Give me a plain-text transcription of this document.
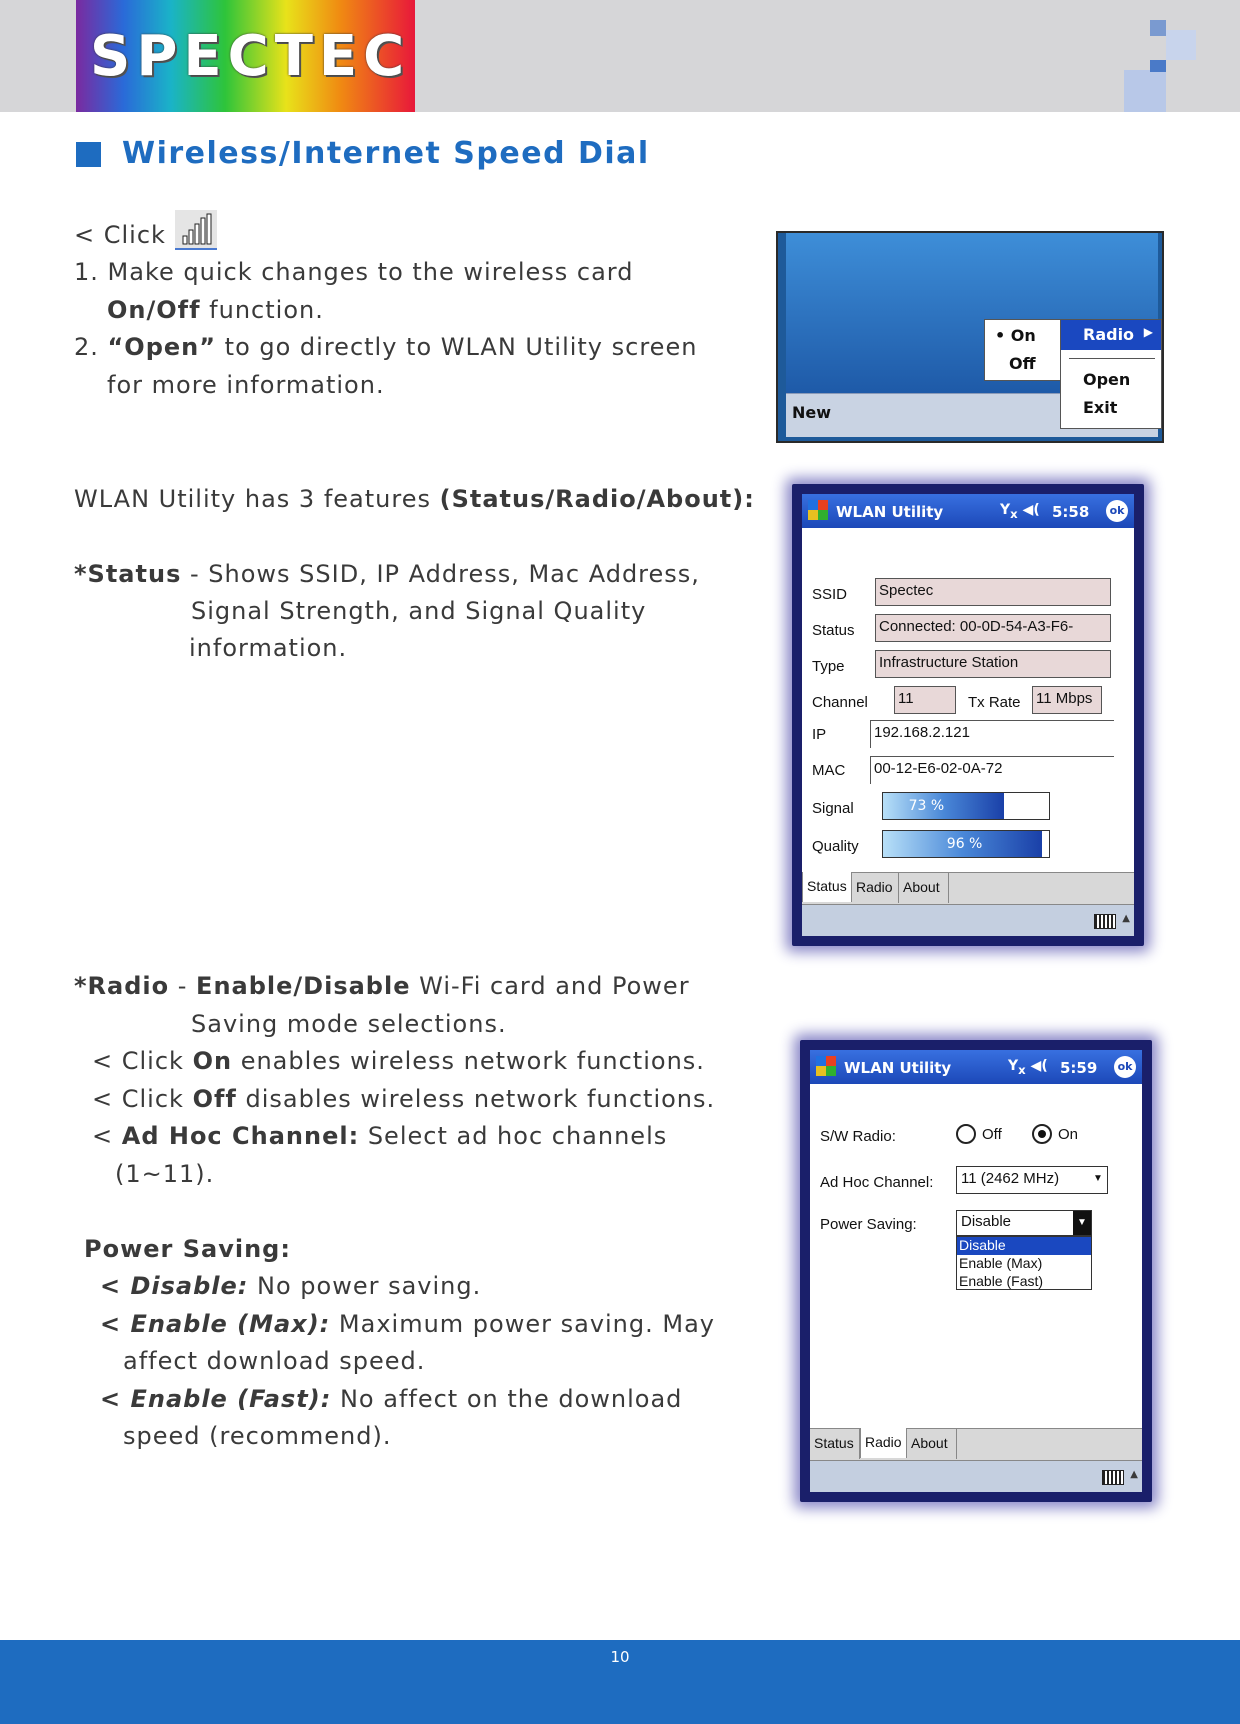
SPECTEC
Wireless/Internet Speed Dial
< Click
1. Make quick changes to the wireless card
On/Off function.
2. “Open” to go directly to WLAN Utility screen
for more information.
WLAN Utility has 3 features (Status/Radio/About):
*Status - Shows SSID, IP Address, Mac Address,
Signal Strength, and Signal Quality
information.
*Radio - Enable/Disable Wi-Fi card and Power
Saving mode selections.
< Click On enables wireless network functions.
< Click Off disables wireless network functions.
< Ad Hoc Channel: Select ad hoc channels
(1~11).
Power Saving:
< Disable: No power saving.
< Enable (Max): Maximum power saving. May
affect download speed.
< Enable (Fast): No affect on the download
speed (recommend).
New
• On
Off
Radio ▶
Open
Exit
WLAN Utility	$Y_x$ ◀( 5:58	ok
SSID Spectec
Status Connected: 00-0D-54-A3-F6-
Type Infrastructure Station
Channel 11	Tx Rate 11 Mbps
IP	192.168.2.121
MAC 00-12-E6-02-0A-72
Signal	73 %
Quality	96 %
Status Radio About
▲
WLAN Utility	$Y_x$ ◀( 5:59	ok
S/W Radio:	Off	On
Ad Hoc Channel:	11 (2462 MHz)	▼
Power Saving:	Disable	▼
Disable
Enable (Max)
Enable (Fast)
Status Radio About
▲
10
